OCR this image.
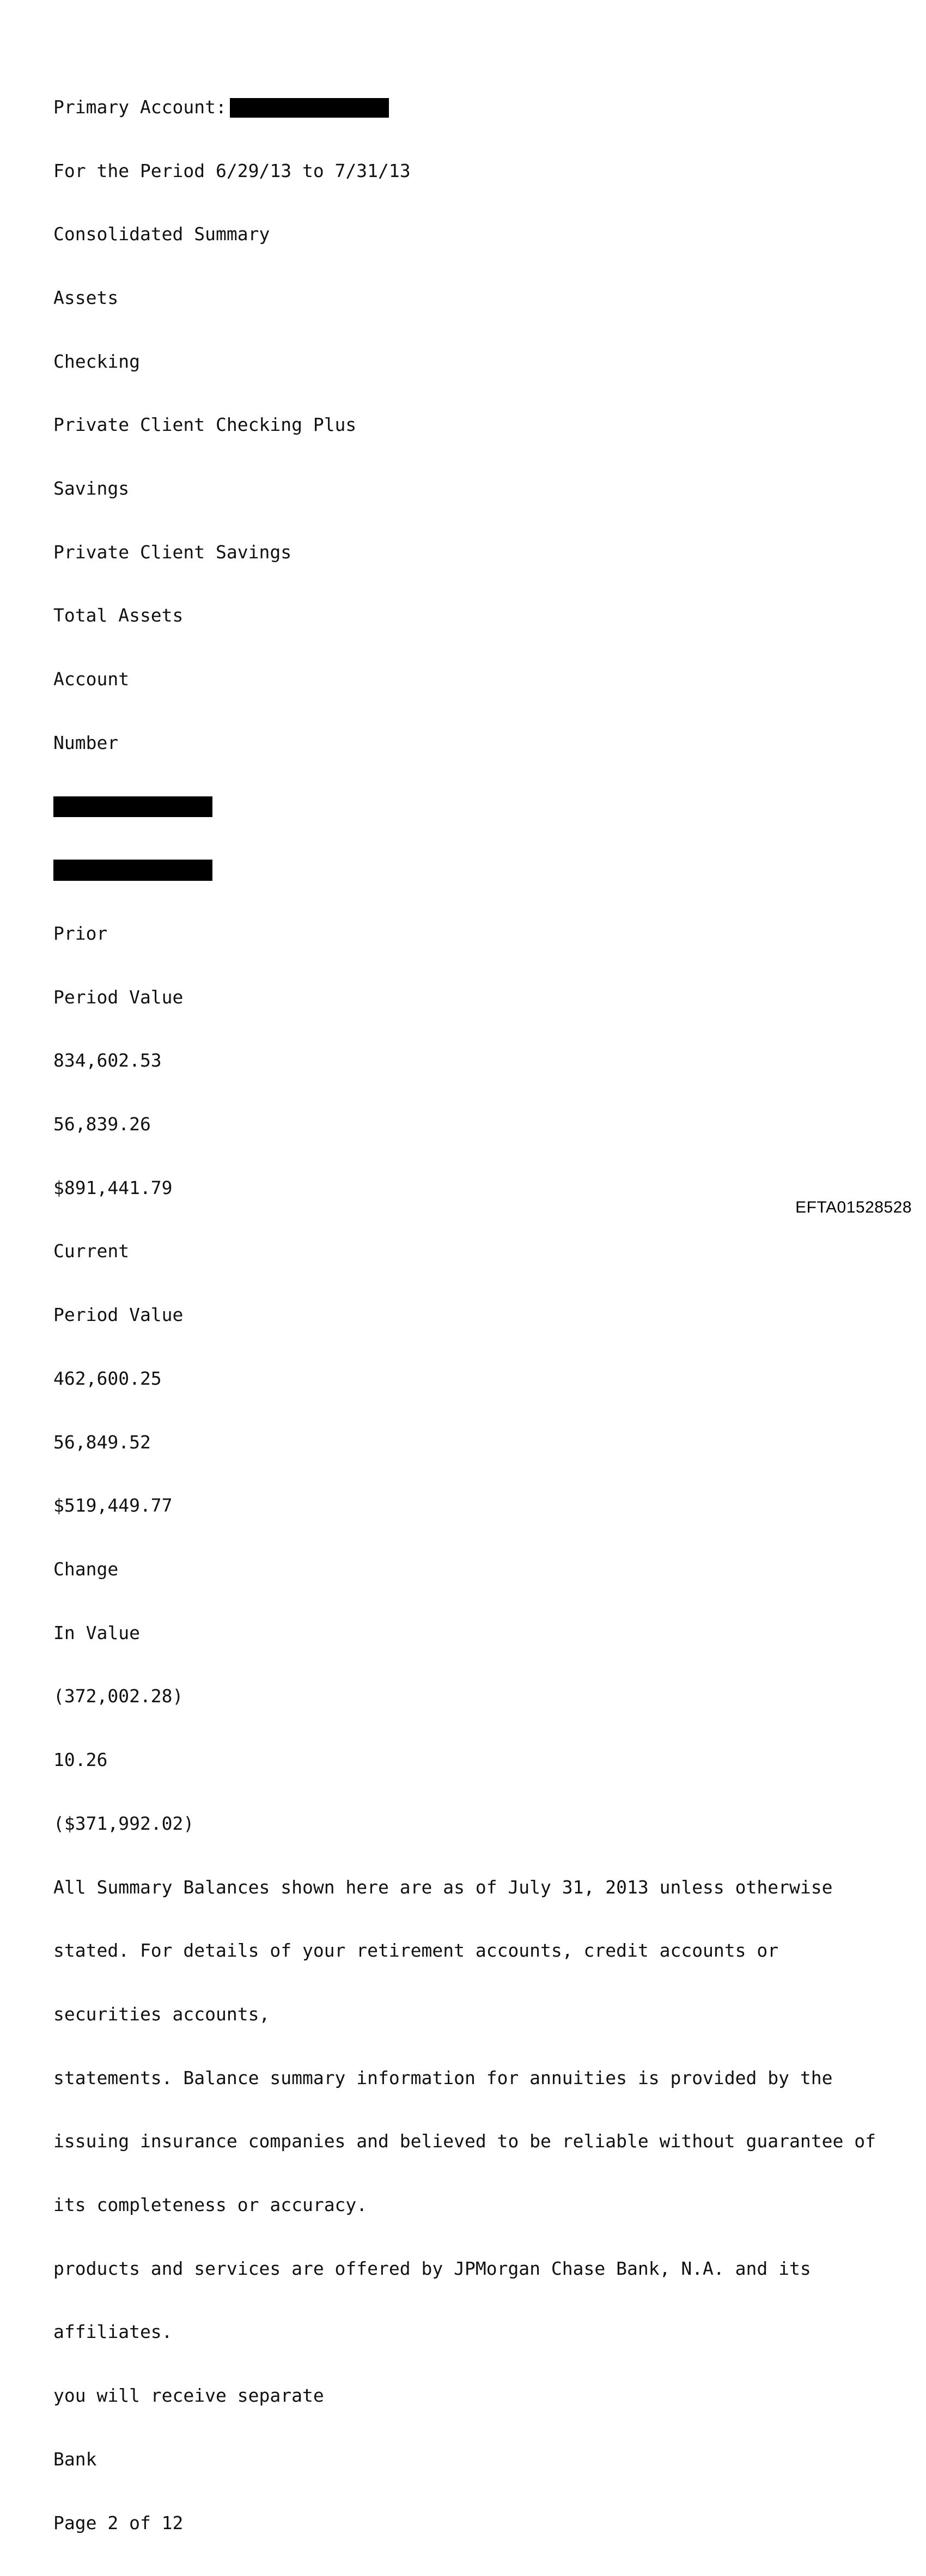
Primary Account:

For the Period 6/29/13 to 7/31/13

Consolidated Summary

Assets

Checking

Private Client Checking Plus

Savings

Private Client Savings

Total Assets

Account

Number

Prior

Period Value

834,602.53

56,839.26

$891,441.79

Current

Period Value

462,600.25

56,849.52

$519,449.77

Change

In Value

(372,002.28)

10.26

($371,992.02)

All Summary Balances shown here are as of July 31, 2013 unless otherwise

stated. For details of your retirement accounts, credit accounts or

securities accounts,

statements. Balance summary information for annuities is provided by the

issuing insurance companies and believed to be reliable without guarantee of

its completeness or accuracy.

products and services are offered by JPMorgan Chase Bank, N.A. and its

affiliates.

you will receive separate

Bank

Page 2 of 12

EFTA01528528
